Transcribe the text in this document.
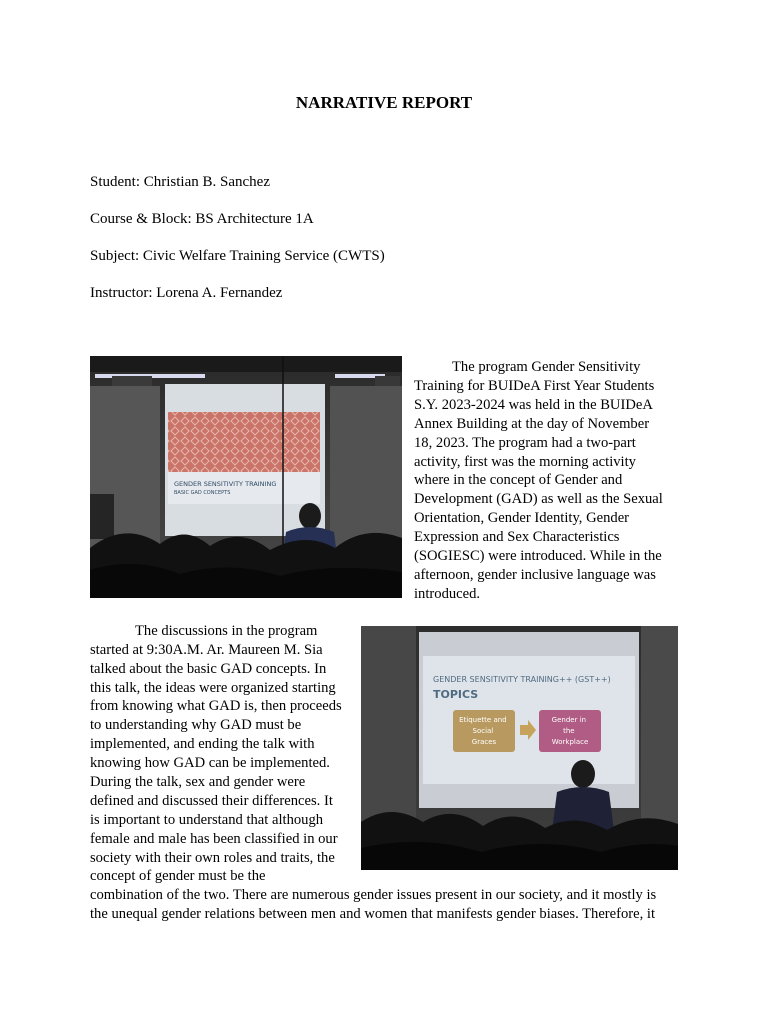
NARRATIVE REPORT
Student: Christian B. Sanchez
Course & Block: BS Architecture 1A
Subject: Civic Welfare Training Service (CWTS)
Instructor: Lorena A. Fernandez
GENDER SENSITIVITY TRAINING
BASIC GAD CONCEPTS
The program Gender Sensitivity
Training for BUIDeA First Year Students
S.Y. 2023-2024 was held in the BUIDeA
Annex Building at the day of November
18, 2023. The program had a two-part
activity, first was the morning activity
where in the concept of Gender and
Development (GAD) as well as the Sexual
Orientation, Gender Identity, Gender
Expression and Sex Characteristics
(SOGIESC) were introduced. While in the
afternoon, gender inclusive language was
introduced.
The discussions in the program
started at 9:30A.M. Ar. Maureen M. Sia
talked about the basic GAD concepts. In
this talk, the ideas were organized starting
from knowing what GAD is, then proceeds
to understanding why GAD must be
implemented, and ending the talk with
knowing how GAD can be implemented.
During the talk, sex and gender were
defined and discussed their differences. It
is important to understand that although
female and male has been classified in our
society with their own roles and traits, the
concept of gender must be the
combination of the two. There are numerous gender issues present in our society, and it mostly is
the unequal gender relations between men and women that manifests gender biases. Therefore, it
GENDER SENSITIVITY TRAINING++ (GST++)
TOPICS
Etiquette and Social Graces
Gender in the Workplace
